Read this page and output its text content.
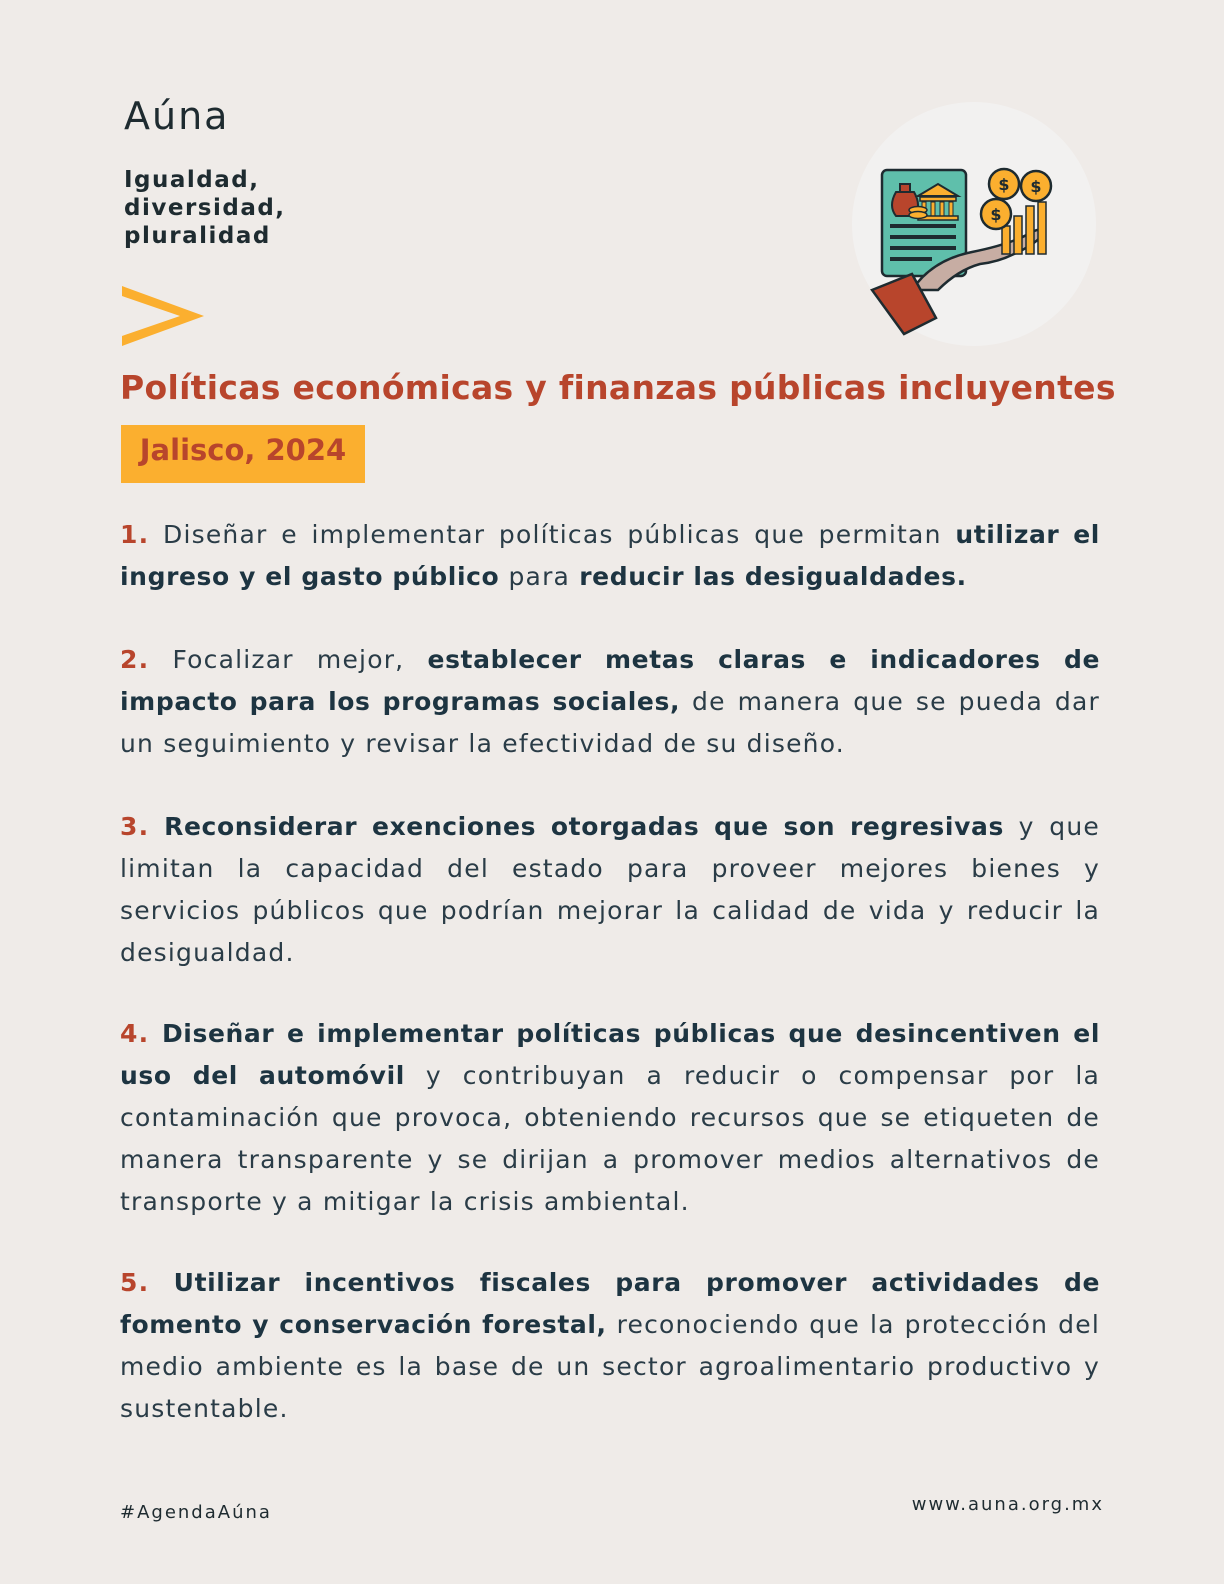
Aúna
Igualdad,
diversidad,
pluralidad
$ $
$
Políticas económicas y finanzas públicas incluyentes
Jalisco, 2024
1. Diseñar e implementar políticas públicas que permitan utilizar el ingreso y el gasto público para reducir las desigualdades.
2. Focalizar mejor, establecer metas claras e indicadores de impacto para los programas sociales, de manera que se pueda dar un seguimiento y revisar la efectividad de su diseño.
3. Reconsiderar exenciones otorgadas que son regresivas y que limitan la capacidad del estado para proveer mejores bienes y servicios públicos que podrían mejorar la calidad de vida y reducir la desigualdad.
4. Diseñar e implementar políticas públicas que desincentiven el uso del automóvil y contribuyan a reducir o compensar por la contaminación que provoca, obteniendo recursos que se etiqueten de manera transparente y se dirijan a promover medios alternativos de transporte y a mitigar la crisis ambiental.
5. Utilizar incentivos fiscales para promover actividades de fomento y conservación forestal, reconociendo que la protección del medio ambiente es la base de un sector agroalimentario productivo y sustentable.
#AgendaAúna	www.auna.org.mx
